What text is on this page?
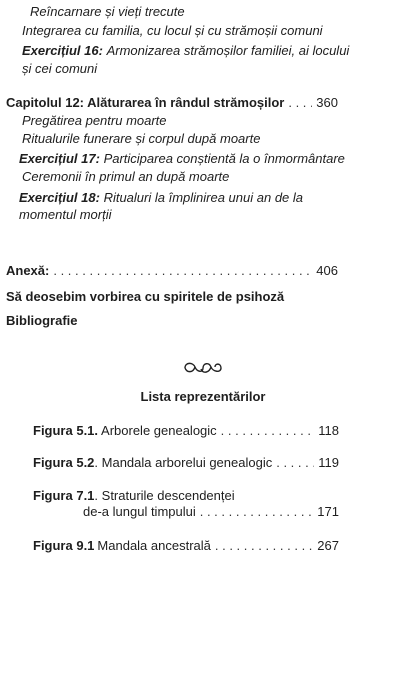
Reîncarnare și vieți trecute
Integrarea cu familia, cu locul și cu strămoșii comuni
Exercițiul 16: Armonizarea strămoșilor familiei, ai locului
și cei comuni
Capitolul 12: Alăturarea în rândul strămoșilor . . . 360
Pregătirea pentru moarte
Ritualurile funerare și corpul după moarte
Exercițiul 17: Participarea conștientă la o înmormântare
Ceremonii în primul an după moarte
Exercițiul 18: Ritualuri la împlinirea unui an de la
momentul morții
Anexă: . . .	406
Să deosebim vorbirea cu spiritele de psihoză
Bibliografie
Lista reprezentărilor
Figura 5.1. Arborele genealogic . . .	118
Figura 5.2 . Mandala arborelui genealogic . . .	119
Figura 7.1. Straturile descendenței
de-a lungul timpului . . .	171
Figura 9.1 Mandala ancestrală . . .	267
